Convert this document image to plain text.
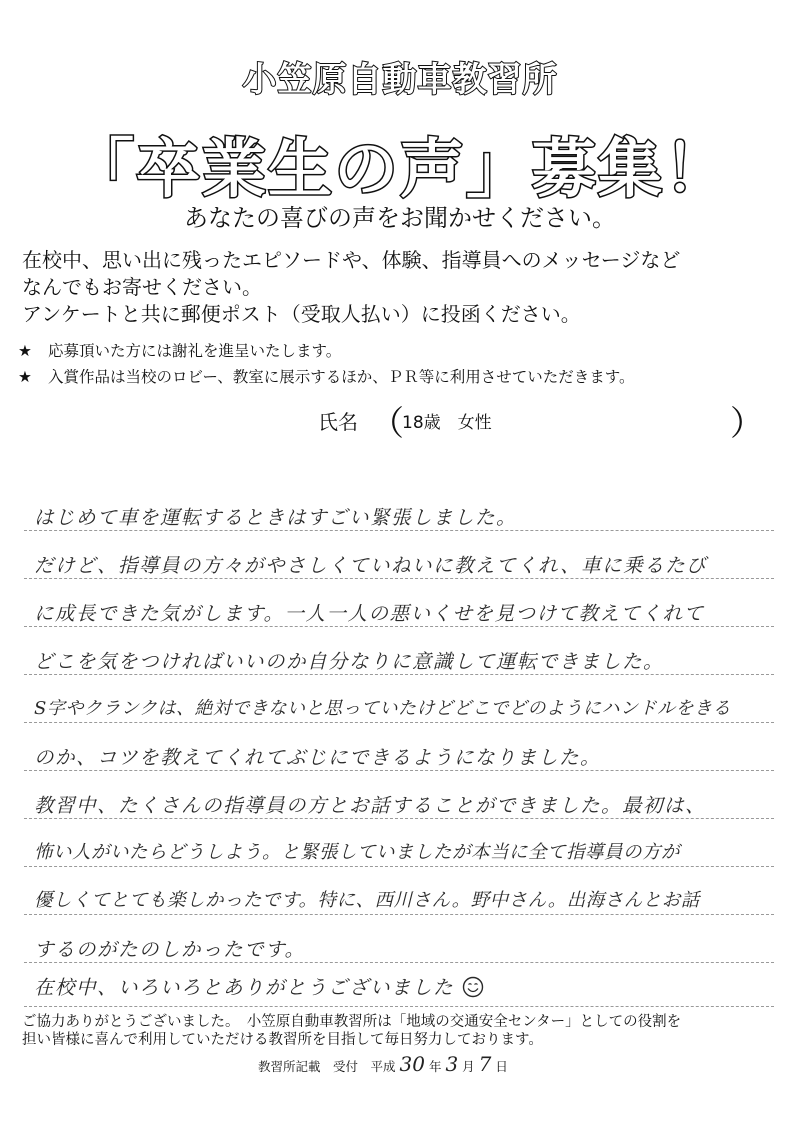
小笠原自動車教習所
「卒業生の声」募集！
あなたの喜びの声をお聞かせください。
在校中、思い出に残ったエピソードや、体験、指導員へのメッセージなど
なんでもお寄せください。
アンケートと共に郵便ポスト（受取人払い）に投函ください。
★ 応募頂いた方には謝礼を進呈いたします。
★ 入賞作品は当校のロビー、教室に展示するほか、ＰＲ等に利用させていただきます。
氏名 （
18歳　女性	）
はじめて車を運転するときはすごい緊張しました。
だけど、指導員の方々がやさしくていねいに教えてくれ、車に乗るたび
に成長できた気がします。一人一人の悪いくせを見つけて教えてくれて
どこを気をつければいいのか自分なりに意識して運転できました。
S字やクランクは、絶対できないと思っていたけどどこでどのようにハンドルをきる
のか、コツを教えてくれてぶじにできるようになりました。
教習中、たくさんの指導員の方とお話することができました。最初は、
怖い人がいたらどうしよう。と緊張していましたが本当に全て指導員の方が
優しくてとても楽しかったです。特に、西川さん。野中さん。出海さんとお話
するのがたのしかったです。
在校中、いろいろとありがとうございました
ご協力ありがとうございました。　小笠原自動車教習所は「地域の交通安全センター」としての役割を
担い皆様に喜んで利用していただける教習所を目指して毎日努力しております。
教習所記載　受付　平成 30 年 3 月 7 日
